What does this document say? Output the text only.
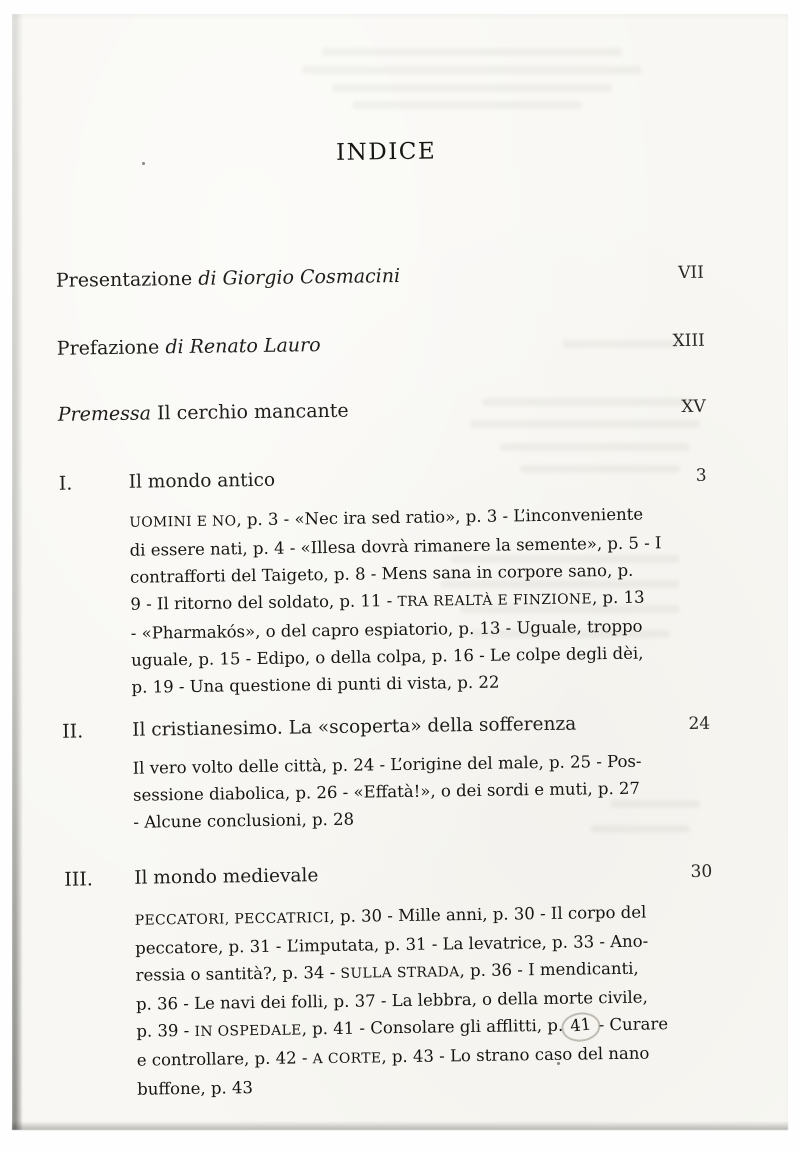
INDICE
Presentazione di Giorgio Cosmacini	VII
Prefazione di Renato Lauro	XIII
Premessa Il cerchio mancante	XV
I.	Il mondo antico	3
UOMINI E NO, p. 3 - «Nec ira sed ratio», p. 3 - L’inconveniente
di essere nati, p. 4 - «Illesa dovrà rimanere la semente», p. 5 - I
contrafforti del Taigeto, p. 8 - Mens sana in corpore sano, p.
9 - Il ritorno del soldato, p. 11 - TRA REALTÀ E FINZIONE, p. 13
- «Pharmakós», o del capro espiatorio, p. 13 - Uguale, troppo
uguale, p. 15 - Edipo, o della colpa, p. 16 - Le colpe degli dèi,
p. 19 - Una questione di punti di vista, p. 22
II.	Il cristianesimo. La «scoperta» della sofferenza	24
Il vero volto delle città, p. 24 - L’origine del male, p. 25 - Pos-
sessione diabolica, p. 26 - «Effatà!», o dei sordi e muti, p. 27
- Alcune conclusioni, p. 28
III.	Il mondo medievale	30
PECCATORI, PECCATRICI, p. 30 - Mille anni, p. 30 - Il corpo del
peccatore, p. 31 - L’imputata, p. 31 - La levatrice, p. 33 - Ano-
ressia o santità?, p. 34 - SULLA STRADA, p. 36 - I mendicanti,
p. 36 - Le navi dei folli, p. 37 - La lebbra, o della morte civile,
p. 39 - IN OSPEDALE, p. 41 - Consolare gli afflitti, p. 41 - Curare
e controllare, p. 42 - A CORTE, p. 43 - Lo strano caso del nano
buffone, p. 43
